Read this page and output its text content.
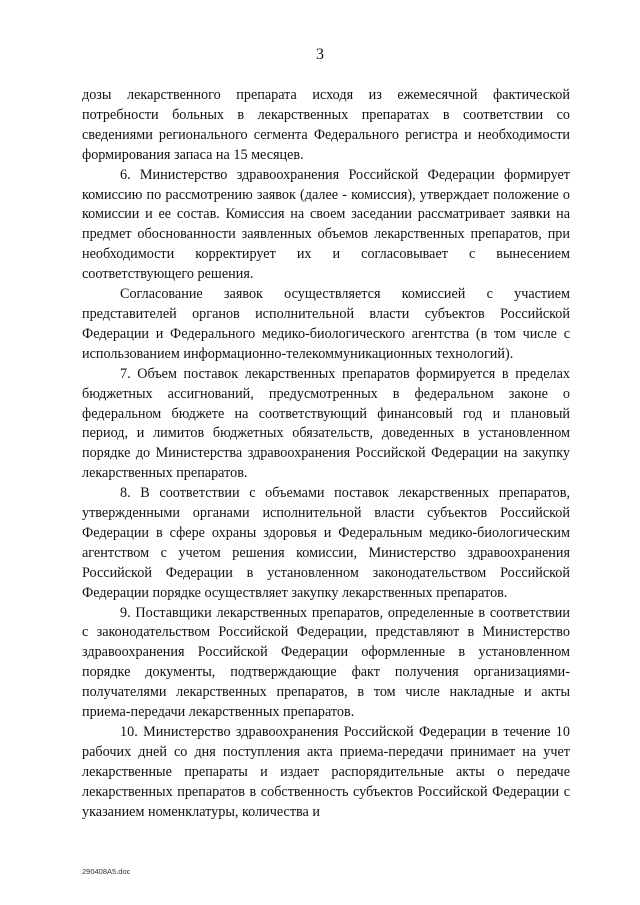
3

дозы лекарственного препарата исходя из ежемесячной фактической потребности больных в лекарственных препаратах в соответствии со сведениями регионального сегмента Федерального регистра и необходимости формирования запаса на 15 месяцев.

6. Министерство здравоохранения Российской Федерации формирует комиссию по рассмотрению заявок (далее - комиссия), утверждает положение о комиссии и ее состав. Комиссия на своем заседании рассматривает заявки на предмет обоснованности заявленных объемов лекарственных препаратов, при необходимости корректирует их и согласовывает с вынесением соответствующего решения.

Согласование заявок осуществляется комиссией с участием представителей органов исполнительной власти субъектов Российской Федерации и Федерального медико-биологического агентства (в том числе с использованием информационно-телекоммуникационных технологий).

7. Объем поставок лекарственных препаратов формируется в пределах бюджетных ассигнований, предусмотренных в федеральном законе о федеральном бюджете на соответствующий финансовый год и плановый период, и лимитов бюджетных обязательств, доведенных в установленном порядке до Министерства здравоохранения Российской Федерации на закупку лекарственных препаратов.

8. В соответствии с объемами поставок лекарственных препаратов, утвержденными органами исполнительной власти субъектов Российской Федерации в сфере охраны здоровья и Федеральным медико-биологическим агентством с учетом решения комиссии, Министерство здравоохранения Российской Федерации в установленном законодательством Российской Федерации порядке осуществляет закупку лекарственных препаратов.

9. Поставщики лекарственных препаратов, определенные в соответствии с законодательством Российской Федерации, представляют в Министерство здравоохранения Российской Федерации оформленные в установленном порядке документы, подтверждающие факт получения организациями-получателями лекарственных препаратов, в том числе накладные и акты приема-передачи лекарственных препаратов.

10. Министерство здравоохранения Российской Федерации в течение 10 рабочих дней со дня поступления акта приема-передачи принимает на учет лекарственные препараты и издает распорядительные акты о передаче лекарственных препаратов в собственность субъектов Российской Федерации с указанием номенклатуры, количества и

290408A5.doc
